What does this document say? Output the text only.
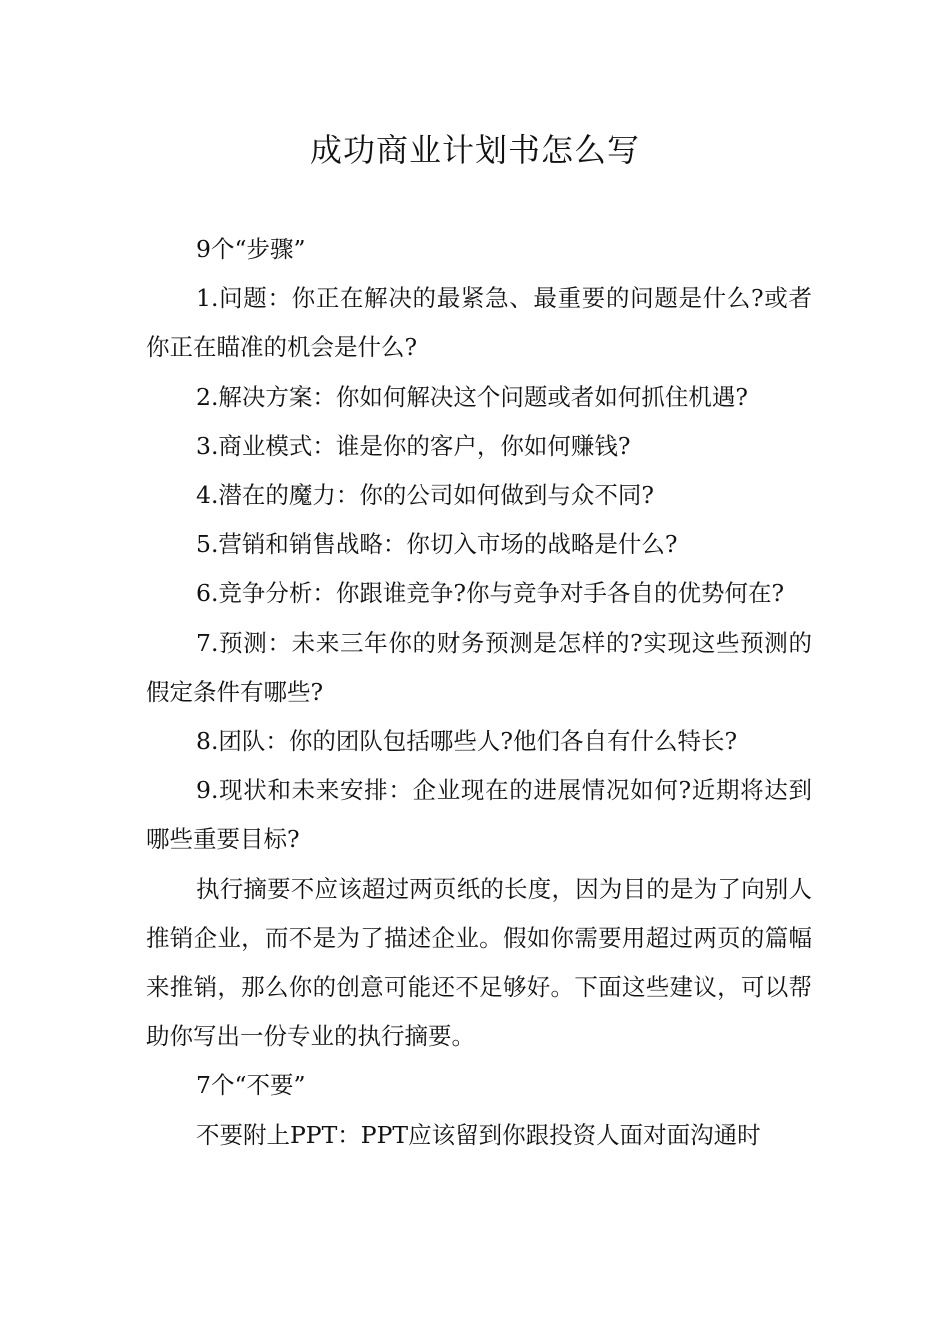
成功商业计划书怎么写

9个“步骤”

1.问题：你正在解决的最紧急、最重要的问题是什么?或者你正在瞄准的机会是什么?

2.解决方案：你如何解决这个问题或者如何抓住机遇?

3.商业模式：谁是你的客户，你如何赚钱?

4.潜在的魔力：你的公司如何做到与众不同?

5.营销和销售战略：你切入市场的战略是什么?

6.竞争分析：你跟谁竞争?你与竞争对手各自的优势何在?

7.预测：未来三年你的财务预测是怎样的?实现这些预测的假定条件有哪些?

8.团队：你的团队包括哪些人?他们各自有什么特长?

9.现状和未来安排：企业现在的进展情况如何?近期将达到哪些重要目标?

执行摘要不应该超过两页纸的长度，因为目的是为了向别人推销企业，而不是为了描述企业。假如你需要用超过两页的篇幅来推销，那么你的创意可能还不足够好。下面这些建议，可以帮助你写出一份专业的执行摘要。

7个“不要”

不要附上PPT：PPT应该留到你跟投资人面对面沟通时
